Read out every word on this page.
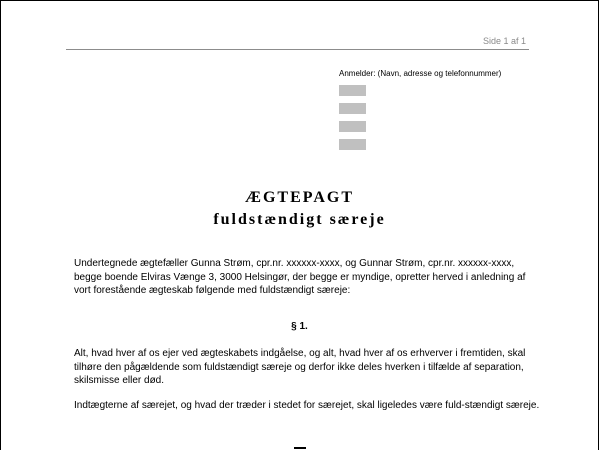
Side 1 af 1
Anmelder: (Navn, adresse og telefonnummer)
ÆGTEPAGT
fuldstændigt særeje

Undertegnede ægtefæller Gunna Strøm, cpr.nr. xxxxxx-xxxx, og Gunnar Strøm, cpr.nr. xxxxxx-xxxx, begge boende Elviras Vænge 3, 3000 Helsingør, der begge er myndige, opretter herved i anledning af vort forestående ægteskab følgende med fuldstændigt særeje:

§ 1.

Alt, hvad hver af os ejer ved ægteskabets indgåelse, og alt, hvad hver af os erhverver i fremtiden, skal tilhøre den pågældende som fuldstændigt særeje og derfor ikke deles hverken i tilfælde af separation, skilsmisse eller død.

Indtægterne af særejet, og hvad der træder i stedet for særejet, skal ligeledes være fuld-stændigt særeje.
